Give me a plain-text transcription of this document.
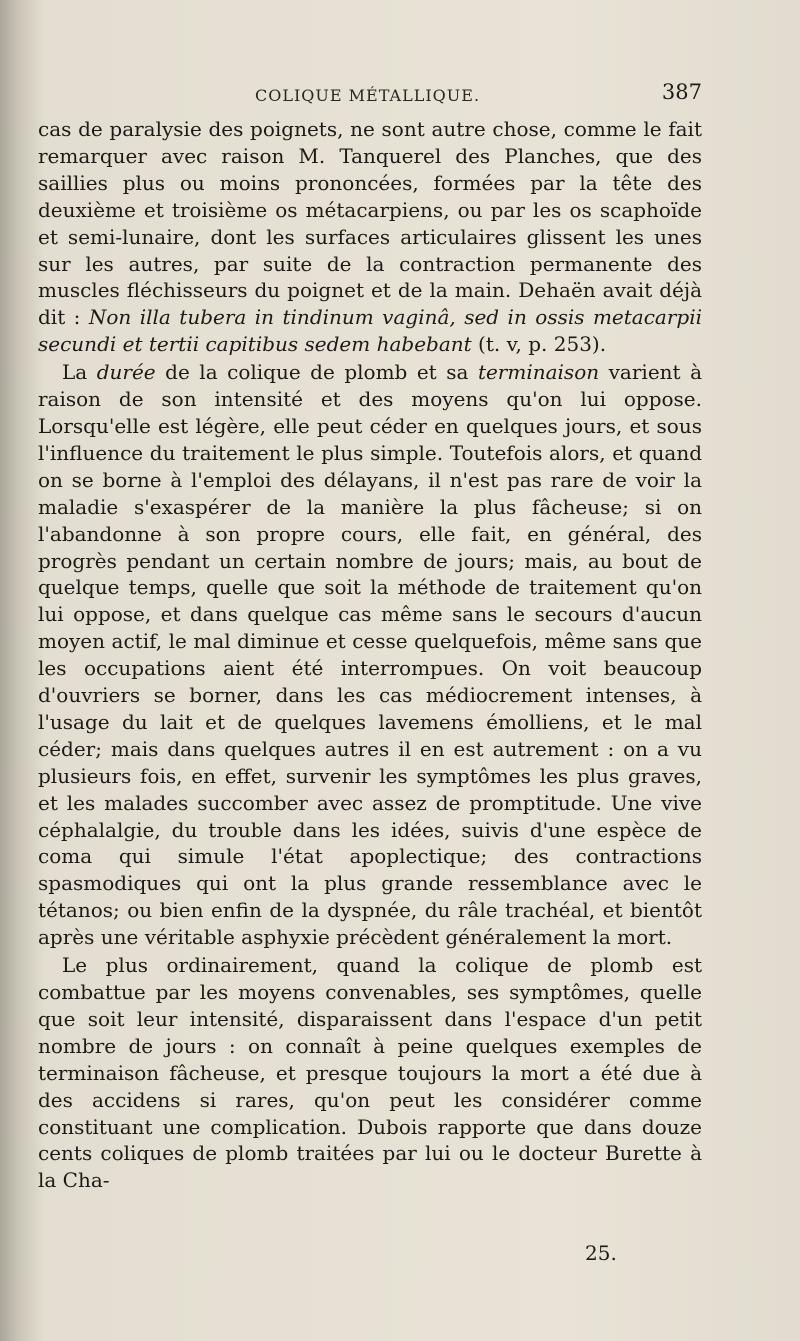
COLIQUE MÉTALLIQUE.	387

cas de paralysie des poignets, ne sont autre chose, comme le fait remarquer avec raison M. Tanquerel des Planches, que des saillies plus ou moins prononcées, formées par la tête des deuxième et troisième os métacarpiens, ou par les os scaphoïde et semi-lunaire, dont les surfaces articulaires glissent les unes sur les autres, par suite de la contraction permanente des muscles fléchisseurs du poignet et de la main. Dehaën avait déjà dit : Non illa tubera in tindinum vaginâ, sed in ossis metacarpii secundi et tertii capitibus sedem habebant (t. v, p. 253).

La durée de la colique de plomb et sa terminaison varient à raison de son intensité et des moyens qu'on lui oppose. Lorsqu'elle est légère, elle peut céder en quelques jours, et sous l'influence du traitement le plus simple. Toutefois alors, et quand on se borne à l'emploi des délayans, il n'est pas rare de voir la maladie s'exaspérer de la manière la plus fâcheuse; si on l'abandonne à son propre cours, elle fait, en général, des progrès pendant un certain nombre de jours; mais, au bout de quelque temps, quelle que soit la méthode de traitement qu'on lui oppose, et dans quelque cas même sans le secours d'aucun moyen actif, le mal diminue et cesse quelquefois, même sans que les occupations aient été interrompues. On voit beaucoup d'ouvriers se borner, dans les cas médiocrement intenses, à l'usage du lait et de quelques lavemens émolliens, et le mal céder; mais dans quelques autres il en est autrement : on a vu plusieurs fois, en effet, survenir les symptômes les plus graves, et les malades succomber avec assez de promptitude. Une vive céphalalgie, du trouble dans les idées, suivis d'une espèce de coma qui simule l'état apoplectique; des contractions spasmodiques qui ont la plus grande ressemblance avec le tétanos; ou bien enfin de la dyspnée, du râle trachéal, et bientôt après une véritable asphyxie précèdent généralement la mort.

Le plus ordinairement, quand la colique de plomb est combattue par les moyens convenables, ses symptômes, quelle que soit leur intensité, disparaissent dans l'espace d'un petit nombre de jours : on connaît à peine quelques exemples de terminaison fâcheuse, et presque toujours la mort a été due à des accidens si rares, qu'on peut les considérer comme constituant une complication. Dubois rapporte que dans douze cents coliques de plomb traitées par lui ou le docteur Burette à la Cha-

25.
